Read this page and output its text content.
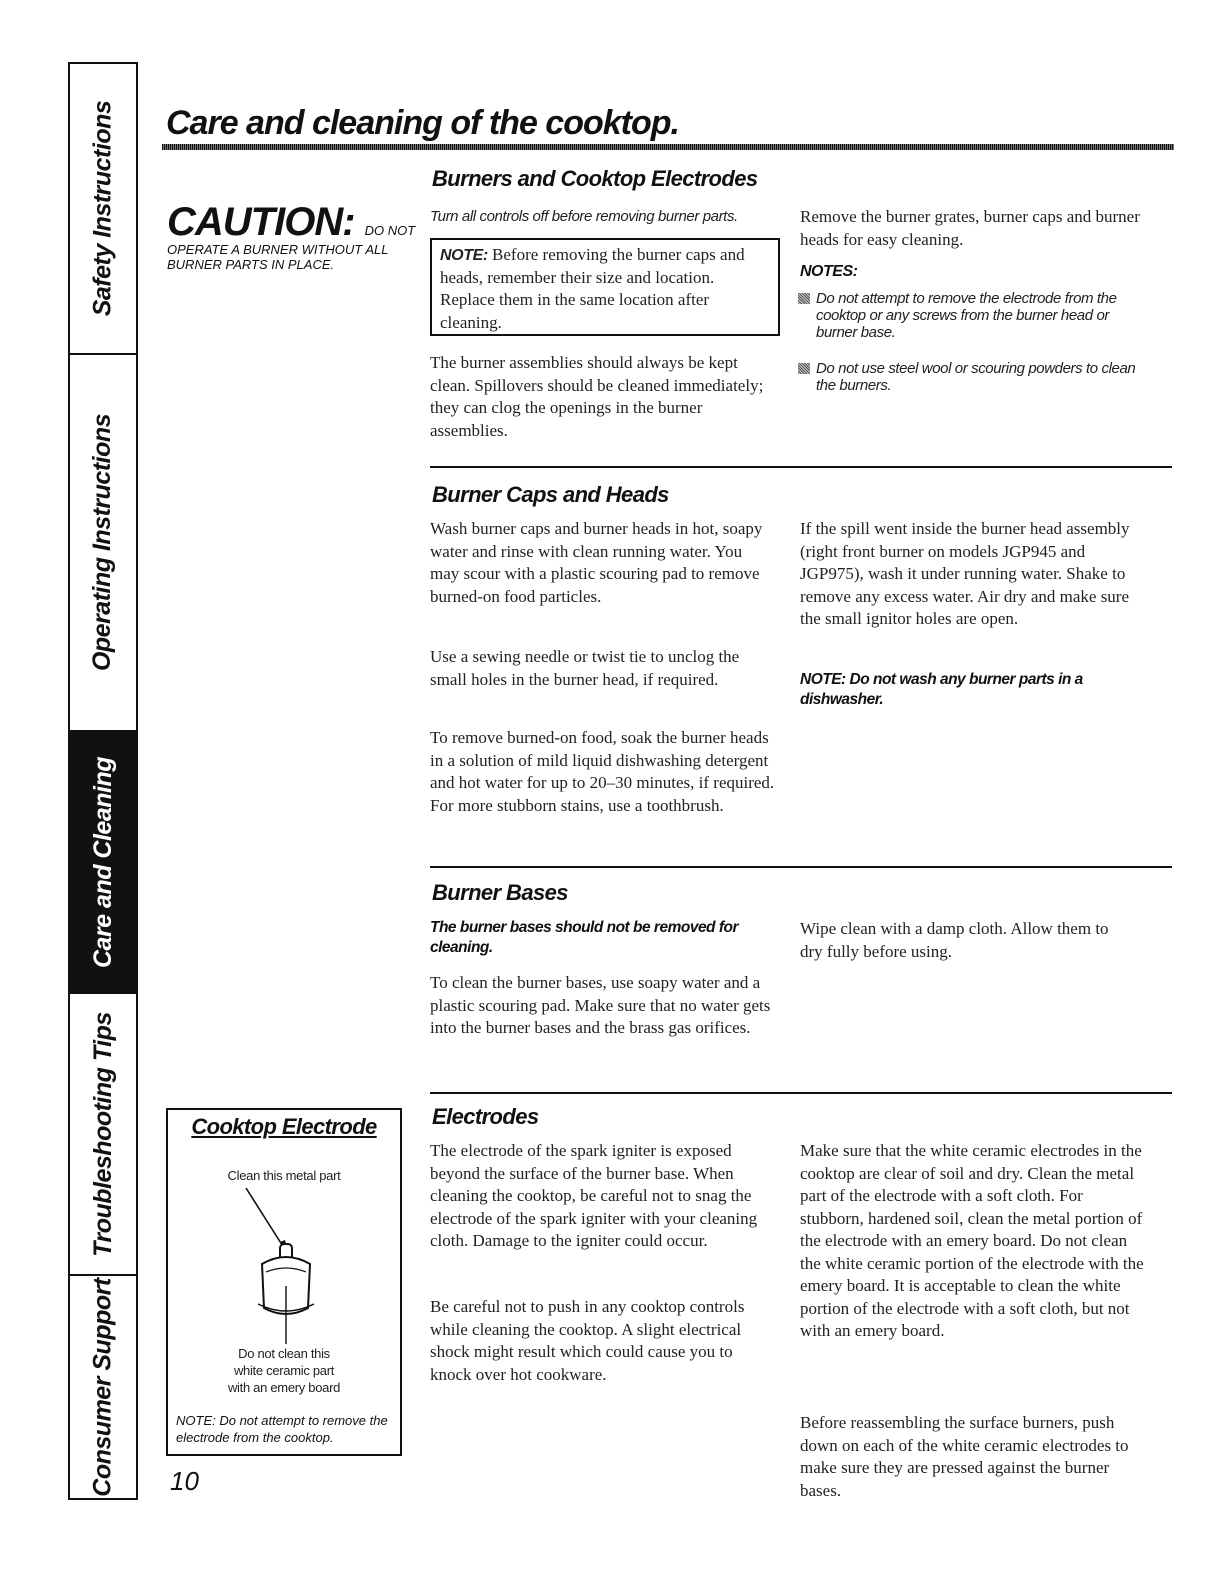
Safety Instructions
Operating Instructions
Care and Cleaning
Troubleshooting Tips
Consumer Support
Care and cleaning of the cooktop.
CAUTION: DO NOT

OPERATE A BURNER WITHOUT ALL BURNER PARTS IN PLACE.

Burners and Cooktop Electrodes

Turn all controls off before removing burner parts.

NOTE: Before removing the burner caps and heads, remember their size and location. Replace them in the same location after cleaning.

The burner assemblies should always be kept clean. Spillovers should be cleaned immediately; they can clog the openings in the burner assemblies.

Remove the burner grates, burner caps and burner heads for easy cleaning.

NOTES:

Do not attempt to remove the electrode from the cooktop or any screws from the burner head or burner base.

Do not use steel wool or scouring powders to clean the burners.

Burner Caps and Heads

Wash burner caps and burner heads in hot, soapy water and rinse with clean running water. You may scour with a plastic scouring pad to remove burned-on food particles.

Use a sewing needle or twist tie to unclog the small holes in the burner head, if required.

To remove burned-on food, soak the burner heads in a solution of mild liquid dishwashing detergent and hot water for up to 20–30 minutes, if required. For more stubborn stains, use a toothbrush.

If the spill went inside the burner head assembly (right front burner on models JGP945 and JGP975), wash it under running water. Shake to remove any excess water. Air dry and make sure the small ignitor holes are open.

NOTE: Do not wash any burner parts in a dishwasher.

Burner Bases

The burner bases should not be removed for cleaning.

To clean the burner bases, use soapy water and a plastic scouring pad. Make sure that no water gets into the burner bases and the brass gas orifices.

Wipe clean with a damp cloth. Allow them to dry fully before using.

Electrodes

The electrode of the spark igniter is exposed beyond the surface of the burner base. When cleaning the cooktop, be careful not to snag the electrode of the spark igniter with your cleaning cloth. Damage to the igniter could occur.

Be careful not to push in any cooktop controls while cleaning the cooktop. A slight electrical shock might result which could cause you to knock over hot cookware.

Make sure that the white ceramic electrodes in the cooktop are clear of soil and dry. Clean the metal part of the electrode with a soft cloth. For stubborn, hardened soil, clean the metal portion of the electrode with an emery board. Do not clean the white ceramic portion of the electrode with the emery board. It is acceptable to clean the white portion of the electrode with a soft cloth, but not with an emery board.

Before reassembling the surface burners, push down on each of the white ceramic electrodes to make sure they are pressed against the burner bases.

Cooktop Electrode

Clean this metal part

Do not clean this

white ceramic part

with an emery board

NOTE: Do not attempt to remove the electrode from the cooktop.

10
